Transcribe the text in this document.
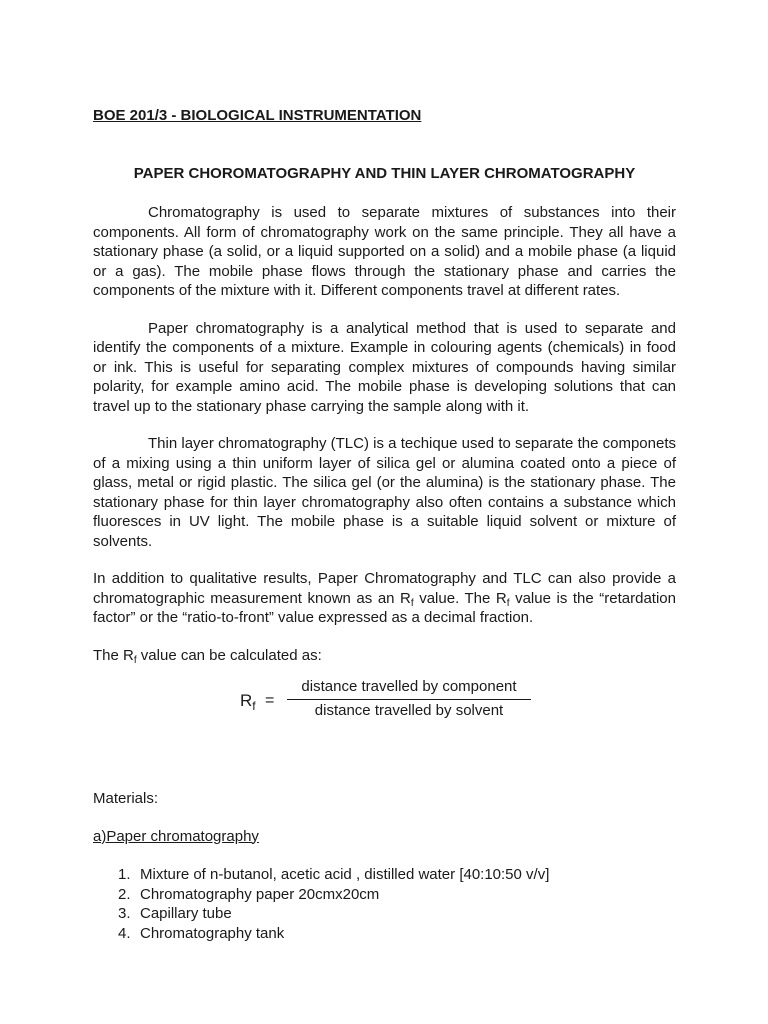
BOE 201/3 - BIOLOGICAL INSTRUMENTATION

PAPER CHOROMATOGRAPHY AND THIN LAYER CHROMATOGRAPHY

Chromatography is used to separate mixtures of substances into their components. All form of chromatography work on the same principle. They all have a stationary phase (a solid, or a liquid supported on a solid) and a mobile phase (a liquid or a gas). The mobile phase flows through the stationary phase and carries the components of the mixture with it. Different components travel at different rates.

Paper chromatography is a analytical method that is used to separate and identify the components of a mixture. Example in colouring agents (chemicals) in food or ink. This is useful for separating complex mixtures of compounds having similar polarity, for example amino acid. The mobile phase is developing solutions that can travel up to the stationary phase carrying the sample along with it.

Thin layer chromatography (TLC) is a techique used to separate the componets of a mixing using a thin uniform layer of silica gel or alumina coated onto a piece of glass, metal or rigid plastic. The silica gel (or the alumina) is the stationary phase. The stationary phase for thin layer chromatography also often contains a substance which fluoresces in UV light. The mobile phase is a suitable liquid solvent or mixture of solvents.

In addition to qualitative results, Paper Chromatography and TLC can also provide a chromatographic measurement known as an $R_f$ value. The $R_f$ value is the “retardation factor” or the “ratio-to-front” value expressed as a decimal fraction.

The $R_f$ value can be calculated as:

$R_f$ =
distance travelled by component
distance travelled by solvent

Materials:

a)Paper chromatography

1. Mixture of n-butanol, acetic acid , distilled water [40:10:50 v/v]
2. Chromatography paper 20cmx20cm
3. Capillary tube
4. Chromatography tank
